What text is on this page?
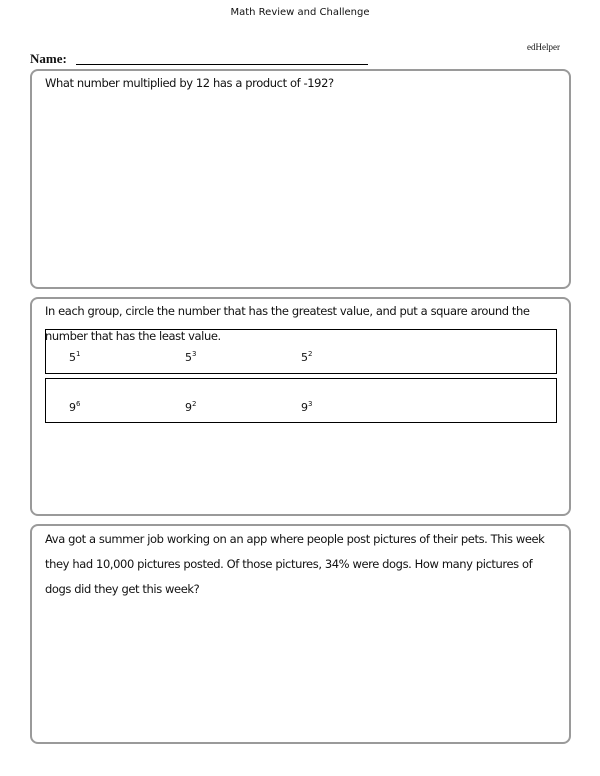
Math Review and Challenge
edHelper
Name:
What number multiplied by 12 has a product of -192?
In each group, circle the number that has the greatest value, and put a square around the number that has the least value.
$5^1$	$5^3$	$5^2$
$9^6$	$9^2$	$9^3$
Ava got a summer job working on an app where people post pictures of their pets. This week they had 10,000 pictures posted. Of those pictures, 34% were dogs. How many pictures of dogs did they get this week?
